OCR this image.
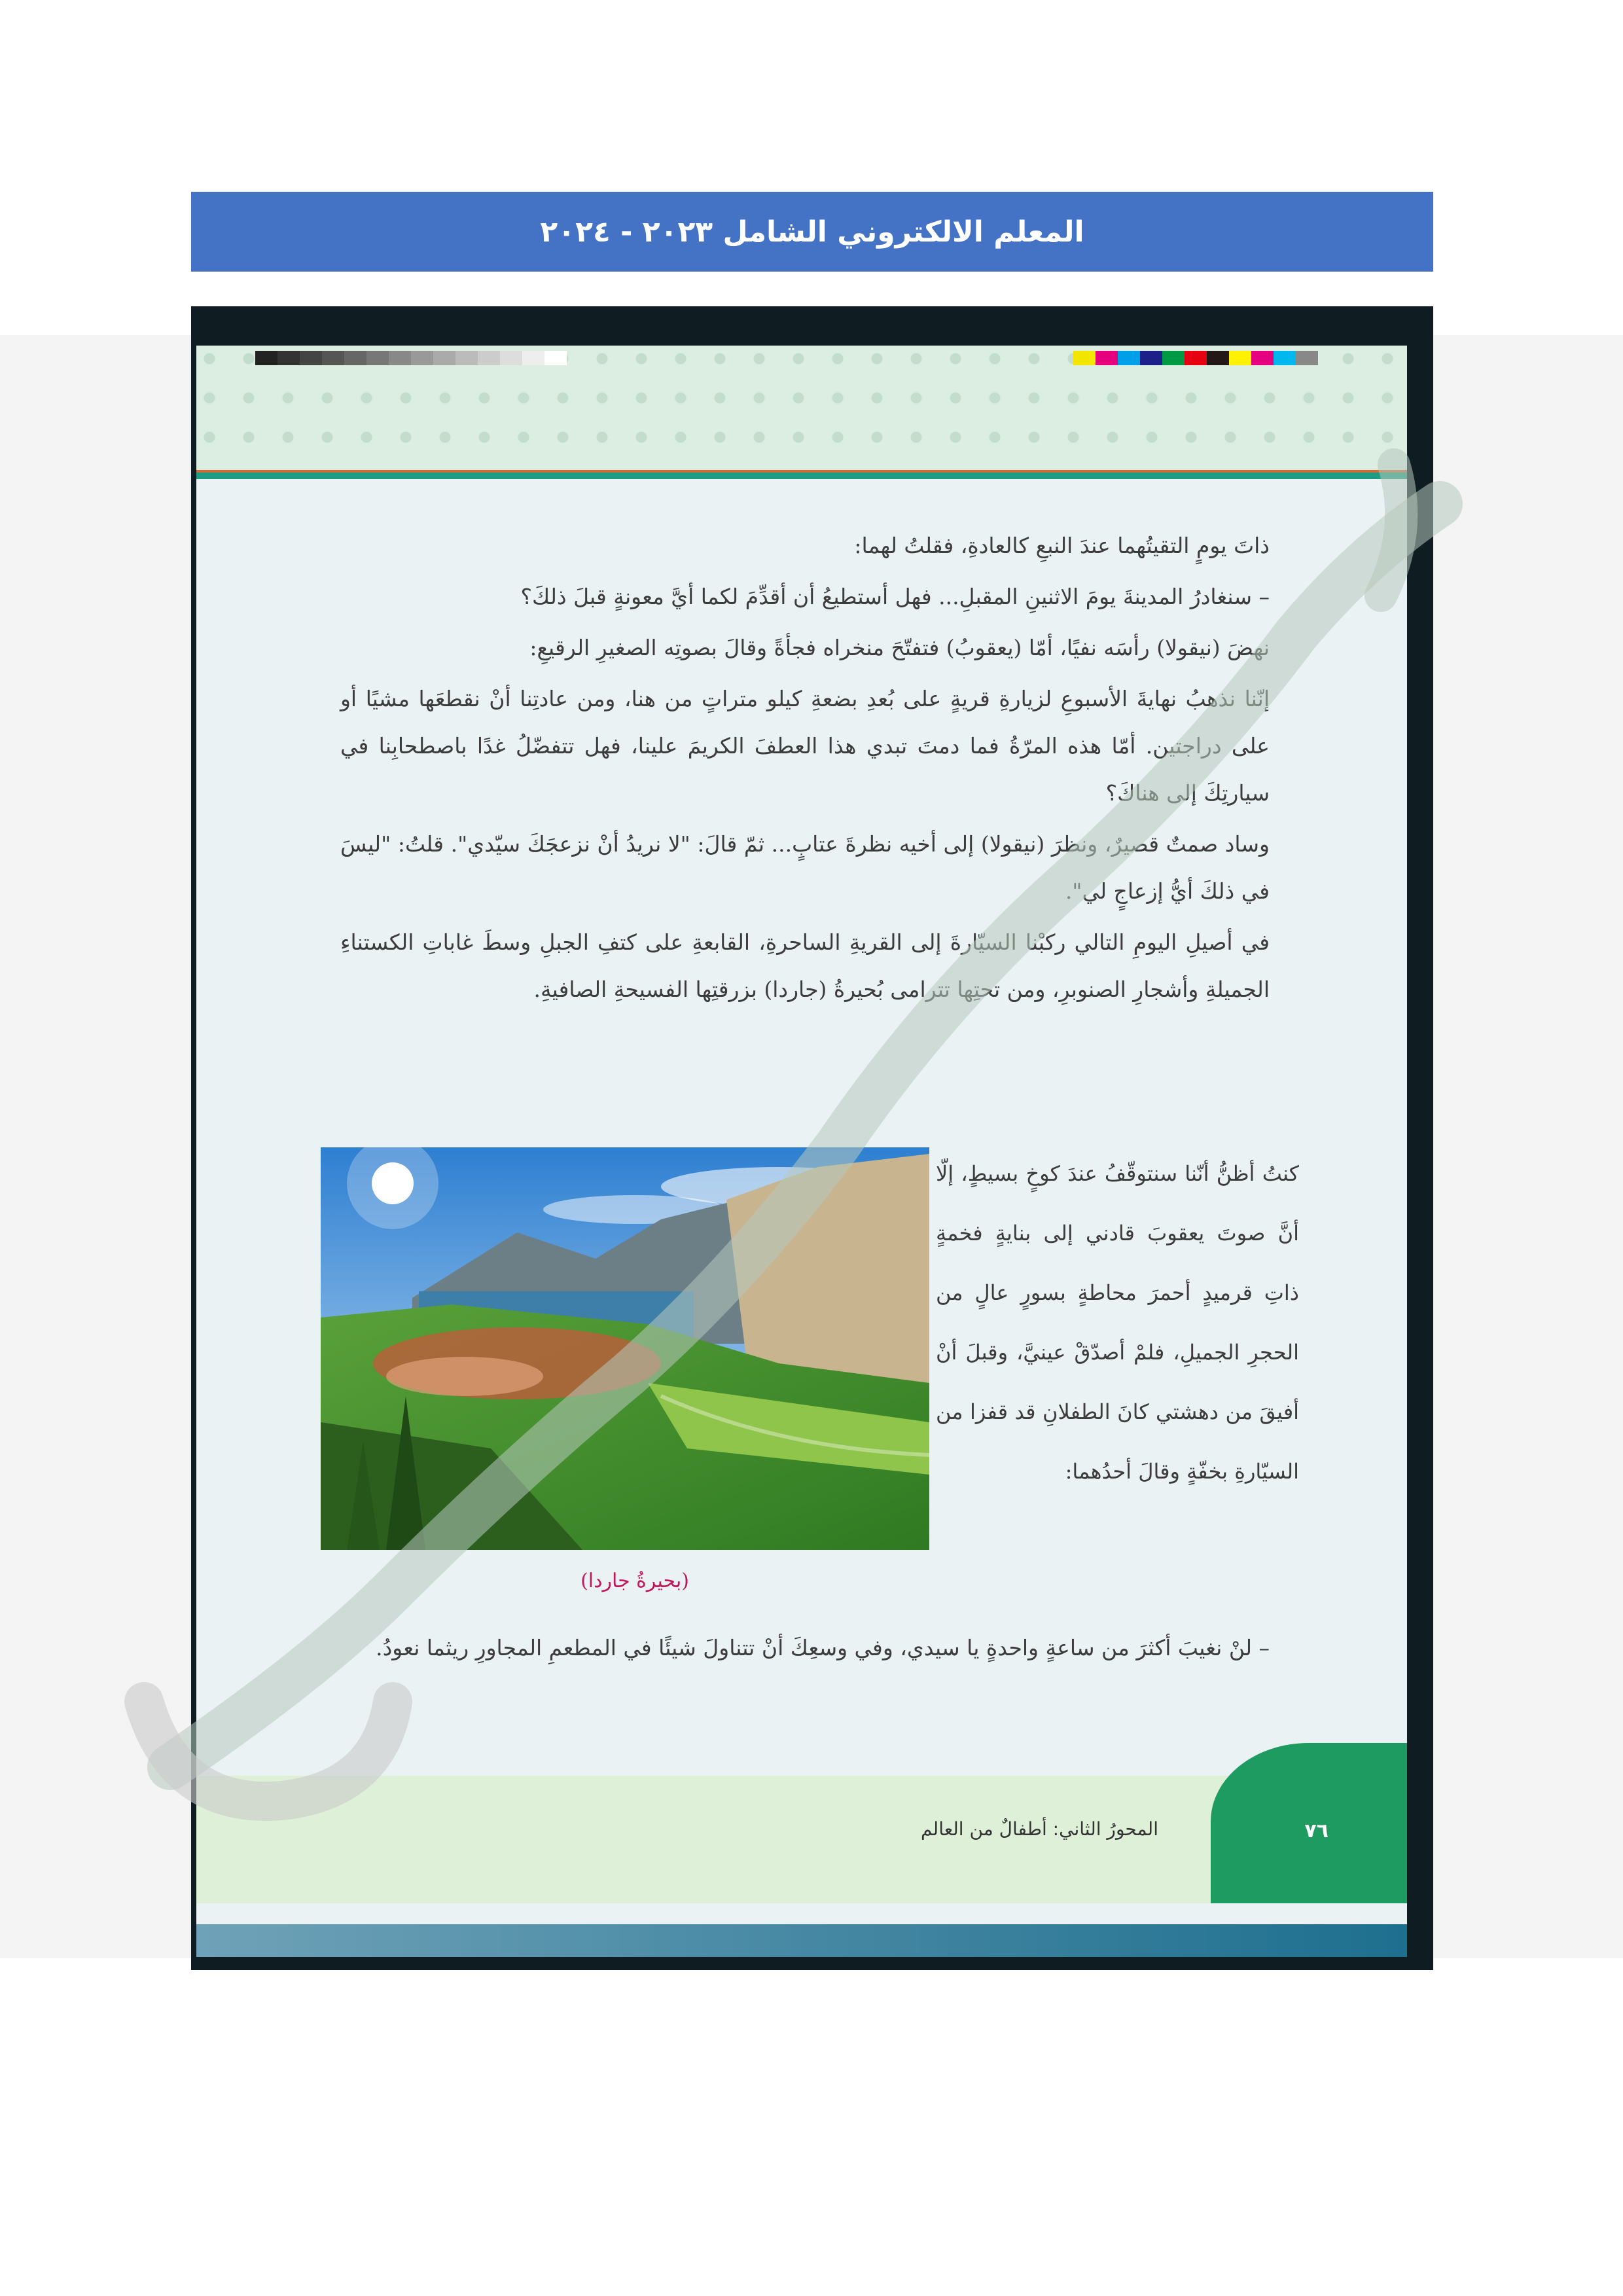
المعلم الالكتروني الشامل ٢٠٢٣ - ٢٠٢٤

ذاتَ يومٍ التقيتُهما عندَ النبعِ كالعادةِ، فقلتُ لهما:

– سنغادرُ المدينةَ يومَ الاثنينِ المقبلِ... فهل أستطيعُ أن أقدِّمَ لكما أيَّ معونةٍ قبلَ ذلكَ؟

نهضَ (نيقولا) رأسَه نفيًا، أمّا (يعقوبُ) فتفتّحَ منخراه فجأةً وقالَ بصوتِه الصغيرِ الرقيعِ:

إنّنا نذهبُ نهايةَ الأسبوعِ لزيارةِ قريةٍ على بُعدِ بضعةِ كيلو متراتٍ من هنا، ومن عادتِنا أنْ نقطعَها مشيًا أو على دراجتين. أمّا هذه المرّةُ فما دمتَ تبدي هذا العطفَ الكريمَ علينا، فهل تتفضّلُ غدًا باصطحابِنا في سيارتِكَ إلى هناكَ؟

وساد صمتٌ قصيرٌ، ونظرَ (نيقولا) إلى أخيه نظرةَ عتابٍ... ثمّ قالَ: "لا نريدُ أنْ نزعجَكَ سيّدي". قلتُ: "ليسَ في ذلكَ أيُّ إزعاجٍ لي".

في أصيلِ اليومِ التالي ركبْنا السيّارةَ إلى القريةِ الساحرةِ، القابعةِ على كتفِ الجبلِ وسطَ غاباتِ الكستناءِ الجميلةِ وأشجارِ الصنوبرِ، ومن تحتِها تترامى بُحيرةُ (جاردا) بزرقتِها الفسيحةِ الصافيةِ.

(بحيرةُ جاردا)
كنتُ أظنُّ أنّنا سنتوقّفُ عندَ كوخٍ بسيطٍ، إلّا أنَّ صوتَ يعقوبَ قادني إلى بنايةٍ فخمةٍ ذاتِ قرميدٍ أحمرَ محاطةٍ بسورٍ عالٍ من الحجرِ الجميلِ، فلمْ أصدّقْ عينيَّ، وقبلَ أنْ أفيقَ من دهشتي كانَ الطفلانِ قد قفزا من السيّارةِ بخفّةٍ وقالَ أحدُهما:

– لنْ نغيبَ أكثرَ من ساعةٍ واحدةٍ يا سيدي، وفي وسعِكَ أنْ تتناولَ شيئًا في المطعمِ المجاورِ ريثما نعودُ.

٧٦
المحورُ الثاني: أطفالٌ من العالم
